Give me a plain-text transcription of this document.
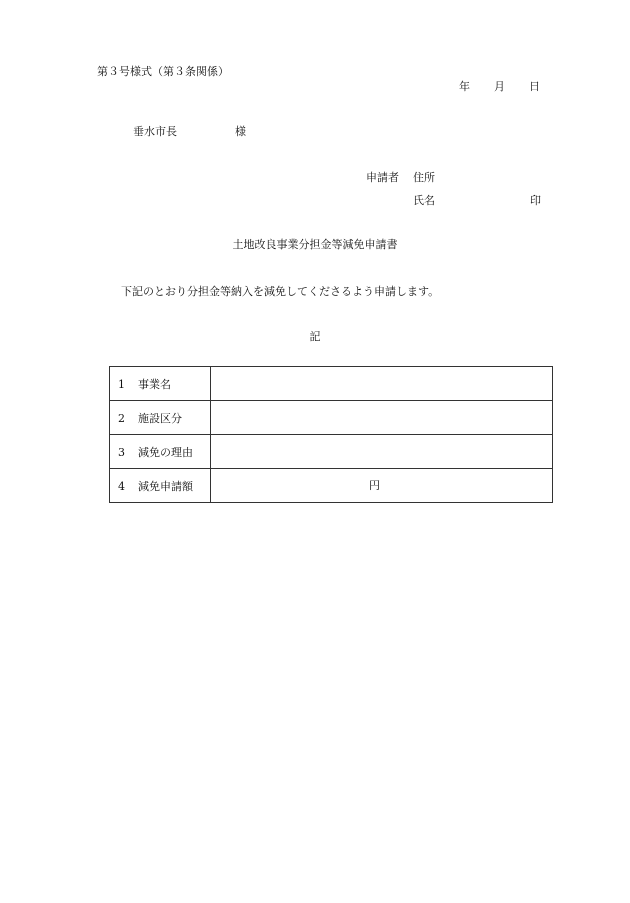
第３号様式（第３条関係）
年 月 日
垂水市長	様
申請者 住所
氏名	印
土地改良事業分担金等減免申請書
下記のとおり分担金等納入を減免してくださるよう申請します。
記
1 事業名	
2 施設区分	
3 減免の理由	
4 減免申請額	円
